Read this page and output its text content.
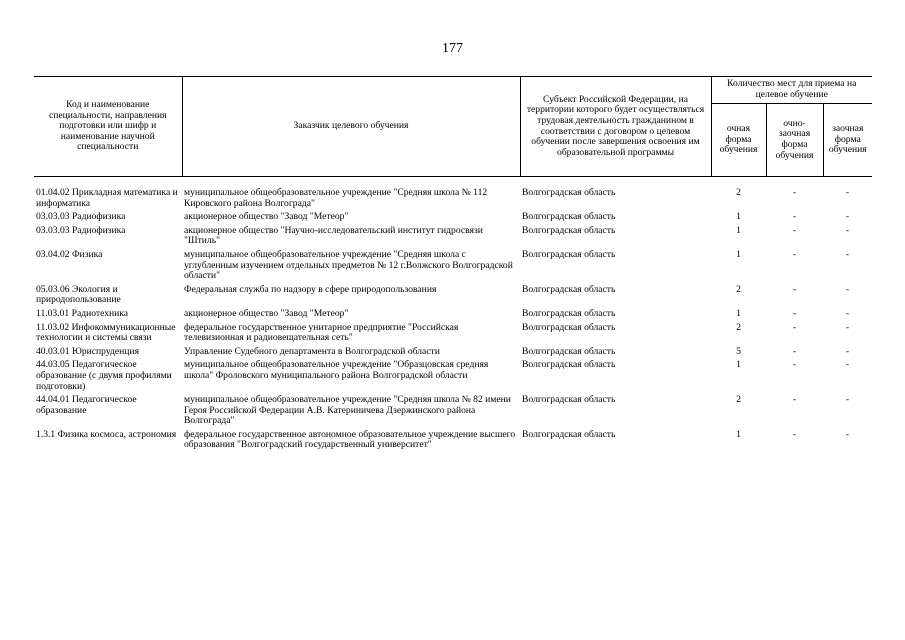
177
Код и наименование специальности, направления подготовки или шифр и наименование научной специальности	Заказчик целевого обучения	Субъект Российской Федерации, на территории которого будет осуществляться трудовая деятельность гражданином в соответствии с договором о целевом обучении после завершения освоения им образовательной программы	Количество мест для приема на целевое обучение		
			очная форма обучения	очно-заочная форма обучения	заочная форма обучения

01.04.02 Прикладная математика и информатика	муниципальное общеобразовательное учреждение "Средняя школа № 112 Кировского района Волгограда"	Волгоградская область	2	-	-
03.03.03 Радиофизика	акционерное общество "Завод "Метеор"	Волгоградская область	1	-	-
03.03.03 Радиофизика	акционерное общество "Научно-исследовательский институт гидросвязи "Штиль"	Волгоградская область	1	-	-
03.04.02 Физика	муниципальное общеобразовательное учреждение "Средняя школа с углубленным изучением отдельных предметов № 12 г.Волжского Волгоградской области"	Волгоградская область	1	-	-
05.03.06 Экология и природопользование	Федеральная служба по надзору в сфере природопользования	Волгоградская область	2	-	-
11.03.01 Радиотехника	акционерное общество "Завод "Метеор"	Волгоградская область	1	-	-
11.03.02 Инфокоммуникационные технологии и системы связи	федеральное государственное унитарное предприятие "Российская телевизионная и радиовещательная сеть"	Волгоградская область	2	-	-
40.03.01 Юриспруденция	Управление Судебного департамента в Волгоградской области	Волгоградская область	5	-	-
44.03.05 Педагогическое образование (с двумя профилями подготовки)	муниципальное общеобразовательное учреждение "Образцовская средняя школа" Фроловского муниципального района Волгоградской области	Волгоградская область	1	-	-
44.04.01 Педагогическое образование	муниципальное общеобразовательное учреждение "Средняя школа № 82 имени Героя Российской Федерации А.В. Катериничева Дзержинского района Волгограда"	Волгоградская область	2	-	-
1.3.1 Физика космоса, астрономия	федеральное государственное автономное образовательное учреждение высшего образования "Волгоградский государственный университет"	Волгоградская область	1	-	-
